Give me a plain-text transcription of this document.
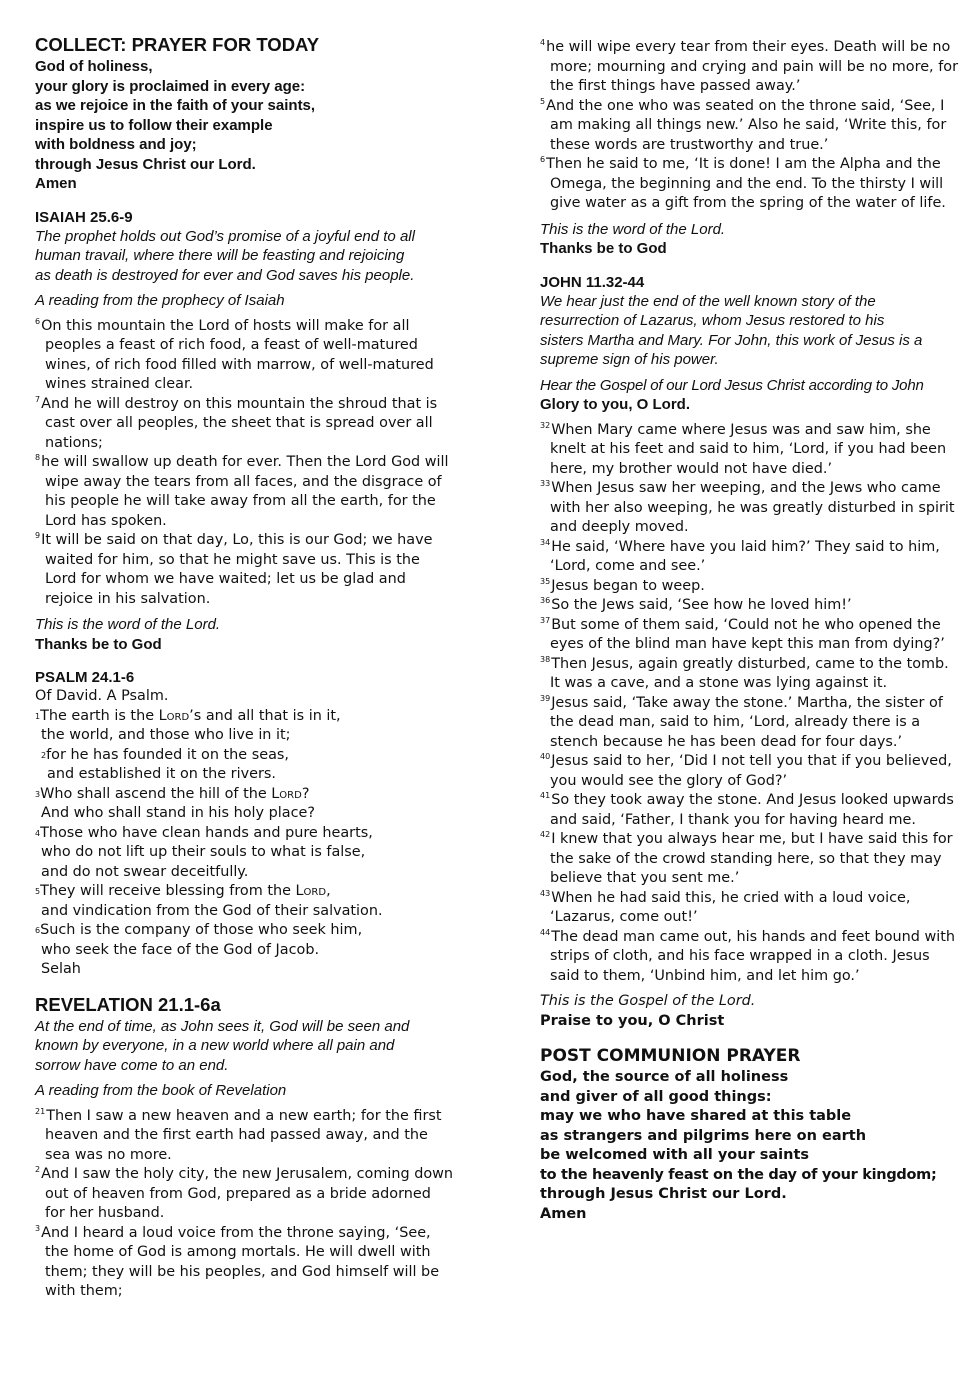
COLLECT: PRAYER FOR TODAY
God of holiness,
your glory is proclaimed in every age:
as we rejoice in the faith of your saints,
inspire us to follow their example
with boldness and joy;
through Jesus Christ our Lord.
Amen
ISAIAH 25.6-9
The prophet holds out God’s promise of a joyful end to all
human travail, where there will be feasting and rejoicing
as death is destroyed for ever and God saves his people.
A reading from the prophecy of Isaiah

$^6$On this mountain the Lord of hosts will make for all peoples a feast of rich food, a feast of well-matured wines, of rich food filled with marrow, of well-matured wines strained clear.

$^7$And he will destroy on this mountain the shroud that is cast over all peoples, the sheet that is spread over all nations;

$^8$he will swallow up death for ever. Then the Lord God will wipe away the tears from all faces, and the disgrace of his people he will take away from all the earth, for the Lord has spoken.

$^9$It will be said on that day, Lo, this is our God; we have waited for him, so that he might save us. This is the Lord for whom we have waited; let us be glad and rejoice in his salvation.

This is the word of the Lord.
Thanks be to God
PSALM 24.1-6

Of David. A Psalm.

$^1$The earth is the Lord’s and all that is in it,

the world, and those who live in it;

$^2$for he has founded it on the seas,

and established it on the rivers.

$^3$Who shall ascend the hill of the Lord?

And who shall stand in his holy place?

$^4$Those who have clean hands and pure hearts,

who do not lift up their souls to what is false,

and do not swear deceitfully.

$^5$They will receive blessing from the Lord,

and vindication from the God of their salvation.

$^6$Such is the company of those who seek him,

who seek the face of the God of Jacob.

Selah

REVELATION 21.1-6a
At the end of time, as John sees it, God will be seen and
known by everyone, in a new world where all pain and
sorrow have come to an end.
A reading from the book of Revelation

$^{21}$Then I saw a new heaven and a new earth; for the first heaven and the first earth had passed away, and the sea was no more.

$^2$And I saw the holy city, the new Jerusalem, coming down out of heaven from God, prepared as a bride adorned for her husband.

$^3$And I heard a loud voice from the throne saying, ‘See, the home of God is among mortals. He will dwell with them; they will be his peoples, and God himself will be with them;

$^4$he will wipe every tear from their eyes. Death will be no more; mourning and crying and pain will be no more, for the first things have passed away.’

$^5$And the one who was seated on the throne said, ‘See, I am making all things new.’ Also he said, ‘Write this, for these words are trustworthy and true.’

$^6$Then he said to me, ‘It is done! I am the Alpha and the Omega, the beginning and the end. To the thirsty I will give water as a gift from the spring of the water of life.

This is the word of the Lord.
Thanks be to God
JOHN 11.32-44
We hear just the end of the well known story of the
resurrection of Lazarus, whom Jesus restored to his
sisters Martha and Mary. For John, this work of Jesus is a
supreme sign of his power.
Hear the Gospel of our Lord Jesus Christ according to John
Glory to you, O Lord.

$^{32}$When Mary came where Jesus was and saw him, she knelt at his feet and said to him, ‘Lord, if you had been here, my brother would not have died.’

$^{33}$When Jesus saw her weeping, and the Jews who came with her also weeping, he was greatly disturbed in spirit and deeply moved.

$^{34}$He said, ‘Where have you laid him?’ They said to him, ‘Lord, come and see.’

$^{35}$Jesus began to weep.

$^{36}$So the Jews said, ‘See how he loved him!’

$^{37}$But some of them said, ‘Could not he who opened the eyes of the blind man have kept this man from dying?’

$^{38}$Then Jesus, again greatly disturbed, came to the tomb. It was a cave, and a stone was lying against it.

$^{39}$Jesus said, ‘Take away the stone.’ Martha, the sister of the dead man, said to him, ‘Lord, already there is a stench because he has been dead for four days.’

$^{40}$Jesus said to her, ‘Did I not tell you that if you believed, you would see the glory of God?’

$^{41}$So they took away the stone. And Jesus looked upwards and said, ‘Father, I thank you for having heard me.

$^{42}$I knew that you always hear me, but I have said this for the sake of the crowd standing here, so that they may believe that you sent me.’

$^{43}$When he had said this, he cried with a loud voice, ‘Lazarus, come out!’

$^{44}$The dead man came out, his hands and feet bound with strips of cloth, and his face wrapped in a cloth. Jesus said to them, ‘Unbind him, and let him go.’

This is the Gospel of the Lord.
Praise to you, O Christ
POST COMMUNION PRAYER
God, the source of all holiness
and giver of all good things:
may we who have shared at this table
as strangers and pilgrims here on earth
be welcomed with all your saints
to the heavenly feast on the day of your kingdom;
through Jesus Christ our Lord.
Amen
